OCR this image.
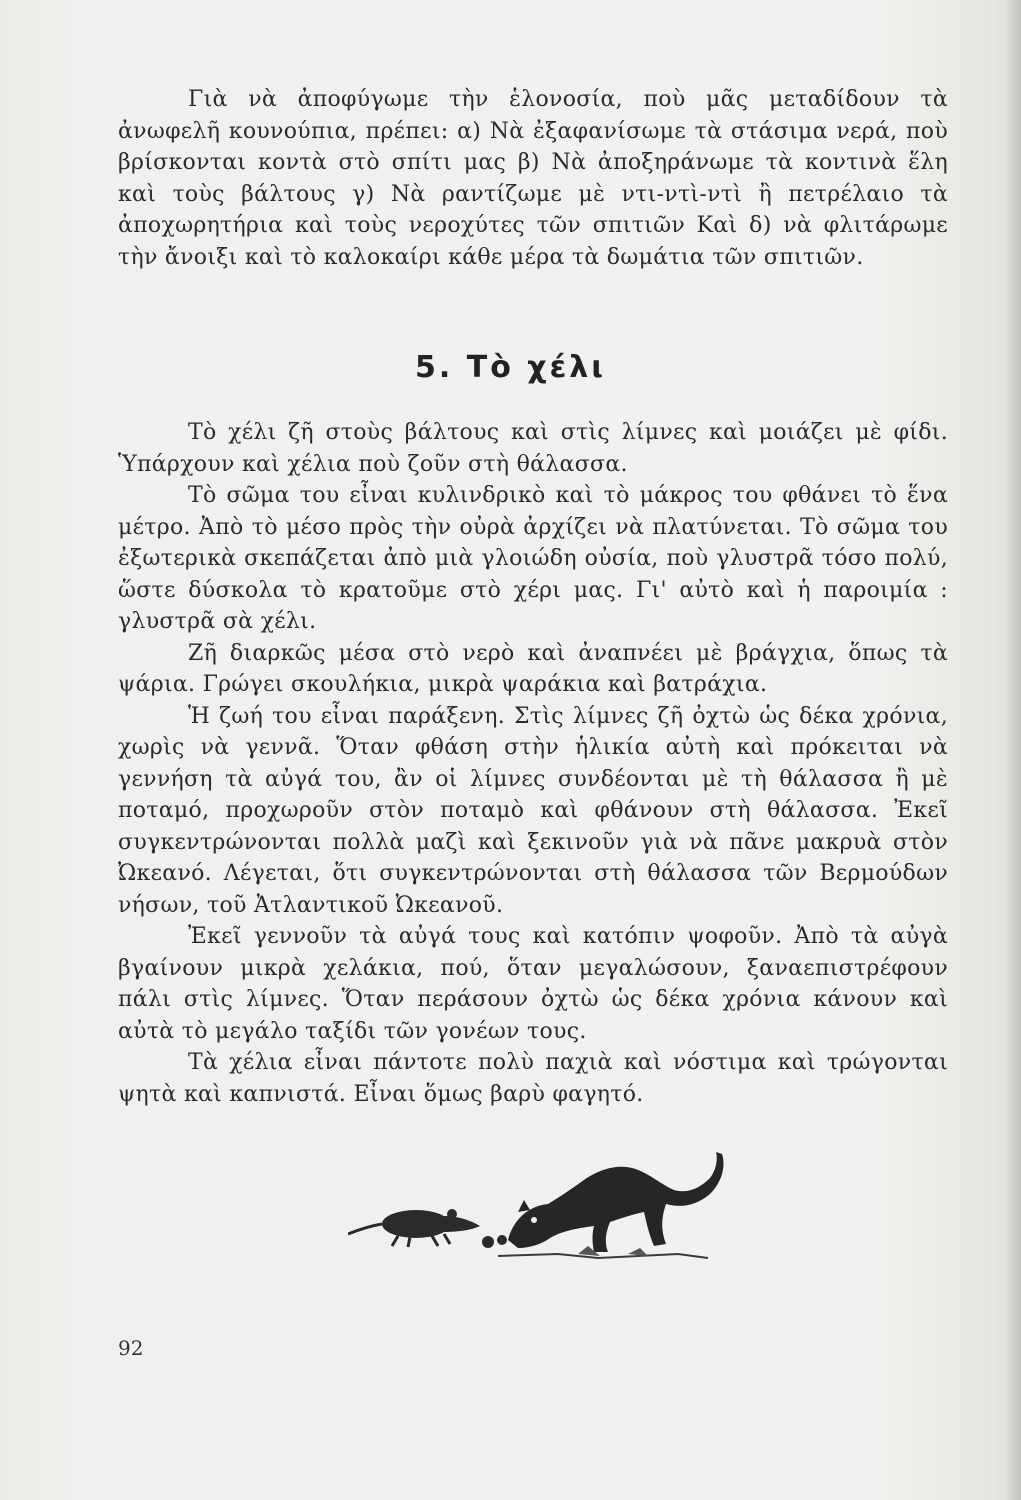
Γιὰ νὰ ἀποφύγωμε τὴν ἑλονοσία, ποὺ μᾶς μεταδίδουν τὰ ἀνωφελῆ κουνούπια, πρέπει: α) Νὰ ἐξαφανίσωμε τὰ στάσιμα νερά, ποὺ βρίσκονται κοντὰ στὸ σπίτι μας β) Νὰ ἀποξηράνωμε τὰ κοντινὰ ἕλη καὶ τοὺς βάλτους γ) Νὰ ραντίζωμε μὲ ντι-ντὶ-ντὶ ἢ πετρέλαιο τὰ ἀποχωρητήρια καὶ τοὺς νεροχύτες τῶν σπιτιῶν Καὶ δ) νὰ φλιτάρωμε τὴν ἄνοιξι καὶ τὸ καλοκαίρι κάθε μέρα τὰ δωμάτια τῶν σπιτιῶν.

5. Τὸ χέλι

Τὸ χέλι ζῆ στοὺς βάλτους καὶ στὶς λίμνες καὶ μοιάζει μὲ φίδι. Ὑπάρχουν καὶ χέλια ποὺ ζοῦν στὴ θάλασσα.

Τὸ σῶμα του εἶναι κυλινδρικὸ καὶ τὸ μάκρος του φθάνει τὸ ἕνα μέτρο. Ἀπὸ τὸ μέσο πρὸς τὴν οὐρὰ ἀρχίζει νὰ πλατύνεται. Τὸ σῶμα του ἐξωτερικὰ σκεπάζεται ἀπὸ μιὰ γλοιώδη οὐσία, ποὺ γλυστρᾶ τόσο πολύ, ὥστε δύσκολα τὸ κρατοῦμε στὸ χέρι μας. Γι' αὐτὸ καὶ ἡ παροιμία : γλυστρᾶ σὰ χέλι.

Ζῆ διαρκῶς μέσα στὸ νερὸ καὶ ἀναπνέει μὲ βράγχια, ὅπως τὰ ψάρια. Γρώγει σκουλήκια, μικρὰ ψαράκια καὶ βατράχια.

Ἡ ζωή του εἶναι παράξενη. Στὶς λίμνες ζῆ ὀχτὼ ὡς δέκα χρόνια, χωρὶς νὰ γεννᾶ. Ὅταν φθάση στὴν ἡλικία αὐτὴ καὶ πρόκειται νὰ γεννήση τὰ αὐγά του, ἂν οἱ λίμνες συνδέονται μὲ τὴ θάλασσα ἢ μὲ ποταμό, προχωροῦν στὸν ποταμὸ καὶ φθάνουν στὴ θάλασσα. Ἐκεῖ συγκεντρώνονται πολλὰ μαζὶ καὶ ξεκινοῦν γιὰ νὰ πᾶνε μακρυὰ στὸν Ὠκεανό. Λέγεται, ὅτι συγκεντρώνονται στὴ θάλασσα τῶν Βερμούδων νήσων, τοῦ Ἀτλαντικοῦ Ὠκεανοῦ.

Ἐκεῖ γεννοῦν τὰ αὐγά τους καὶ κατόπιν ψοφοῦν. Ἀπὸ τὰ αὐγὰ βγαίνουν μικρὰ χελάκια, πού, ὅταν μεγαλώσουν, ξαναεπιστρέφουν πάλι στὶς λίμνες. Ὅταν περάσουν ὀχτὼ ὡς δέκα χρόνια κάνουν καὶ αὐτὰ τὸ μεγάλο ταξίδι τῶν γονέων τους.

Τὰ χέλια εἶναι πάντοτε πολὺ παχιὰ καὶ νόστιμα καὶ τρώγονται ψητὰ καὶ καπνιστά. Εἶναι ὅμως βαρὺ φαγητό.

92
